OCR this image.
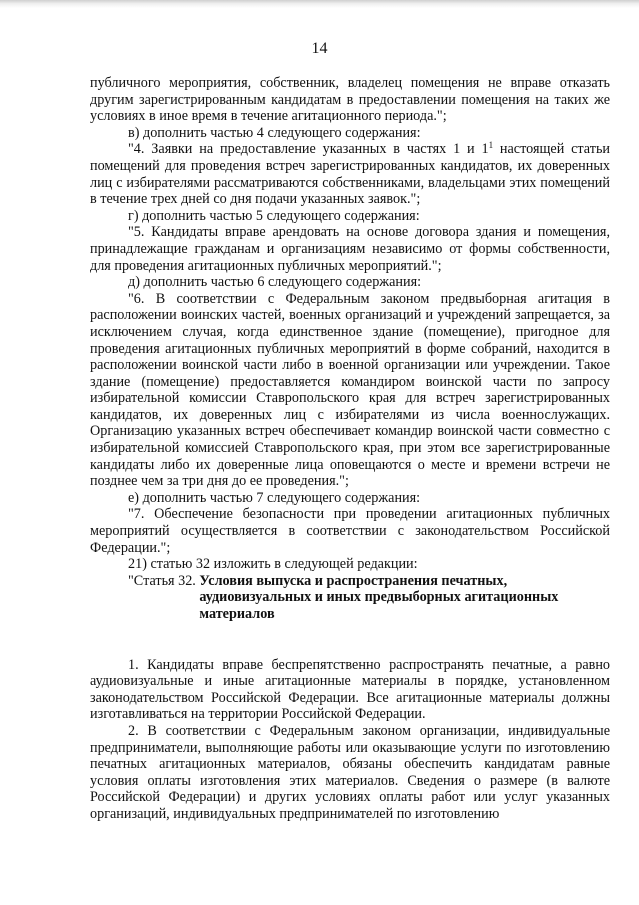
14

публичного мероприятия, собственник, владелец помещения не вправе отказать другим зарегистрированным кандидатам в предоставлении помещения на таких же условиях в иное время в течение агитационного периода.";

в) дополнить частью 4 следующего содержания:

"4. Заявки на предоставление указанных в частях 1 и $1^1$ настоящей статьи помещений для проведения встреч зарегистрированных кандидатов, их доверенных лиц с избирателями рассматриваются собственниками, владельцами этих помещений в течение трех дней со дня подачи указанных заявок.";

г) дополнить частью 5 следующего содержания:

"5. Кандидаты вправе арендовать на основе договора здания и помещения, принадлежащие гражданам и организациям независимо от формы собственности, для проведения агитационных публичных мероприятий.";

д) дополнить частью 6 следующего содержания:

"6. В соответствии с Федеральным законом предвыборная агитация в расположении воинских частей, военных организаций и учреждений запрещается, за исключением случая, когда единственное здание (помещение), пригодное для проведения агитационных публичных мероприятий в форме собраний, находится в расположении воинской части либо в военной организации или учреждении. Такое здание (помещение) предоставляется командиром воинской части по запросу избирательной комиссии Ставропольского края для встреч зарегистрированных кандидатов, их доверенных лиц с избирателями из числа военнослужащих. Организацию указанных встреч обеспечивает командир воинской части совместно с избирательной комиссией Ставропольского края, при этом все зарегистрированные кандидаты либо их доверенные лица оповещаются о месте и времени встречи не позднее чем за три дня до ее проведения.";

е) дополнить частью 7 следующего содержания:

"7. Обеспечение безопасности при проведении агитационных публичных мероприятий осуществляется в соответствии с законодательством Российской Федерации.";

21) статью 32 изложить в следующей редакции:

"Статья 32. Условия выпуска и распространения печатных, аудиовизуальных и иных предвыборных агитационных материалов

1. Кандидаты вправе беспрепятственно распространять печатные, а равно аудиовизуальные и иные агитационные материалы в порядке, установленном законодательством Российской Федерации. Все агитационные материалы должны изготавливаться на территории Российской Федерации.

2. В соответствии с Федеральным законом организации, индивидуальные предприниматели, выполняющие работы или оказывающие услуги по изготовлению печатных агитационных материалов, обязаны обеспечить кандидатам равные условия оплаты изготовления этих материалов. Сведения о размере (в валюте Российской Федерации) и других условиях оплаты работ или услуг указанных организаций, индивидуальных предпринимателей по изготовлению
